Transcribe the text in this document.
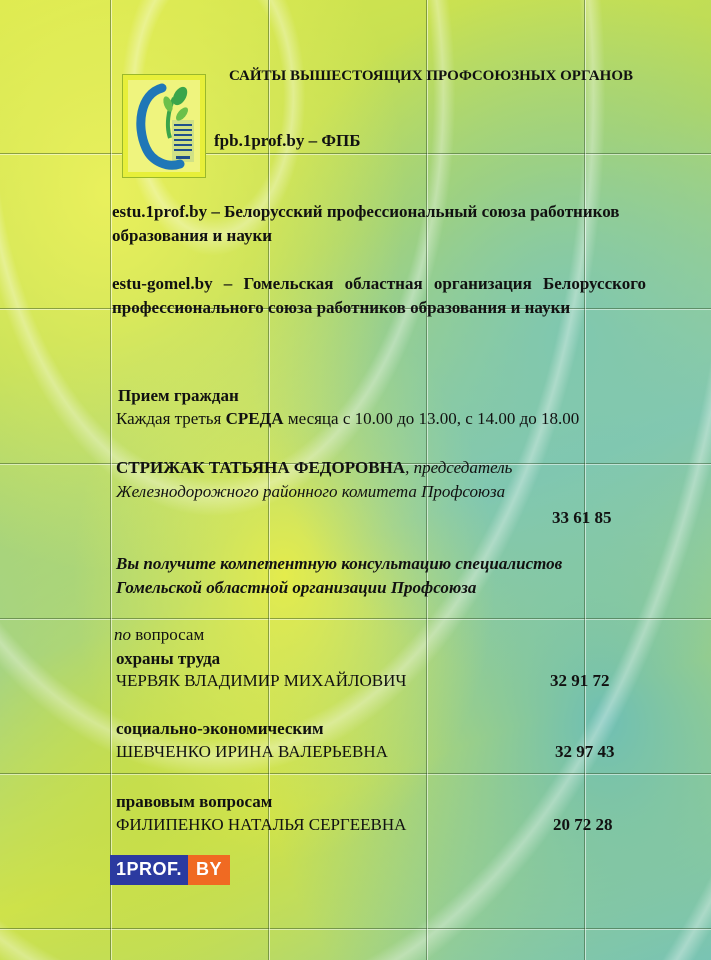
САЙТЫ ВЫШЕСТОЯЩИХ ПРОФСОЮЗНЫХ ОРГАНОВ
fpb.1prof.by – ФПБ
estu.1prof.by – Белорусский профессиональный союза работников образования и науки
estu-gomel.by – Гомельская областная организация Белорусского профессионального союза работников образования и науки
Прием граждан
Каждая третья СРЕДА месяца с 10.00 до 13.00, с 14.00 до 18.00
СТРИЖАК ТАТЬЯНА ФЕДОРОВНА, председатель Железнодорожного районного комитета Профсоюза
33 61 85
Вы получите компетентную консультацию специалистов Гомельской областной организации Профсоюза
по вопросам
охраны труда
ЧЕРВЯК ВЛАДИМИР МИХАЙЛОВИЧ	32 91 72
социально-экономическим
ШЕВЧЕНКО ИРИНА ВАЛЕРЬЕВНА	32 97 43
правовым вопросам
ФИЛИПЕНКО НАТАЛЬЯ СЕРГЕЕВНА	20 72 28
1PROF. BY
